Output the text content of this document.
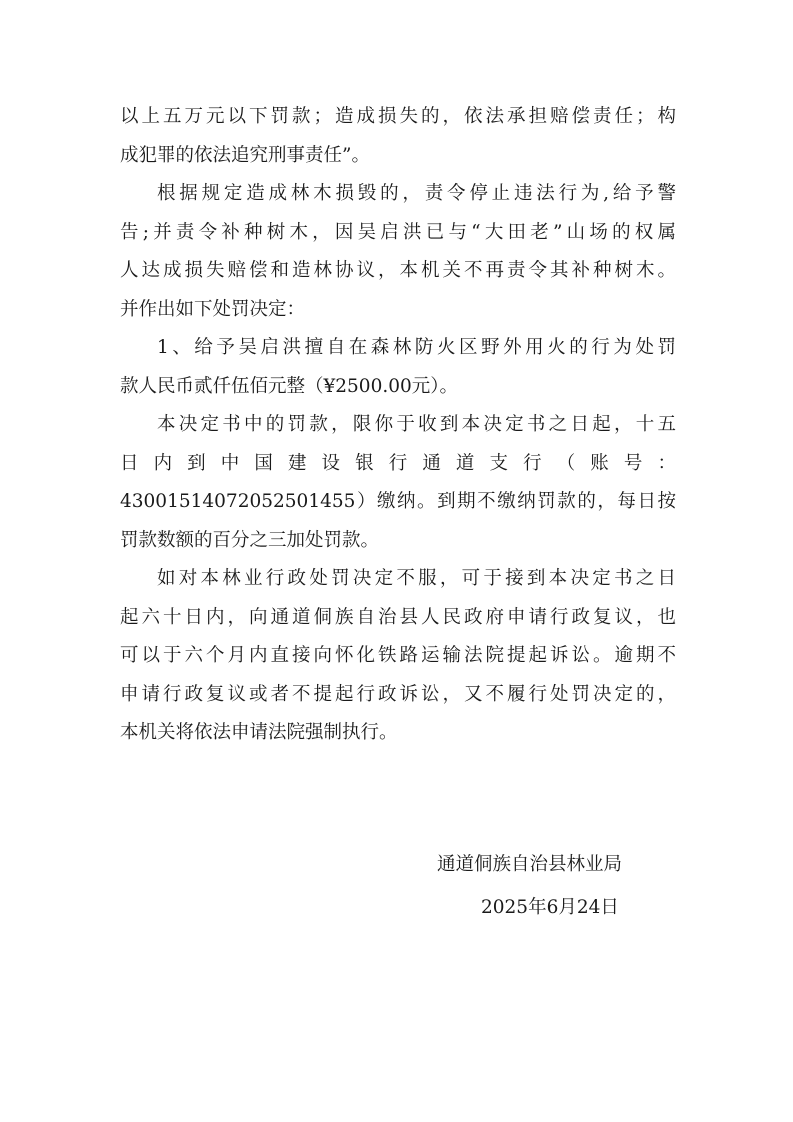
以上五万元以下罚款；造成损失的，依法承担赔偿责任；构
成犯罪的依法追究刑事责任”。
根据规定造成林木损毁的，责令停止违法行为,给予警
告;并责令补种树木，因吴启洪已与“大田老”山场的权属
人达成损失赔偿和造林协议，本机关不再责令其补种树木。
并作出如下处罚决定：
1、给予吴启洪擅自在森林防火区野外用火的行为处罚
款人民币贰仟伍佰元整（¥2500.00元）。
本决定书中的罚款，限你于收到本决定书之日起，十五
日内到中国建设银行通道支行（账号：
43001514072052501455）缴纳。到期不缴纳罚款的，每日按
罚款数额的百分之三加处罚款。
如对本林业行政处罚决定不服，可于接到本决定书之日
起六十日内，向通道侗族自治县人民政府申请行政复议，也
可以于六个月内直接向怀化铁路运输法院提起诉讼。逾期不
申请行政复议或者不提起行政诉讼，又不履行处罚决定的，
本机关将依法申请法院强制执行。
通道侗族自治县林业局
2025年6月24日
